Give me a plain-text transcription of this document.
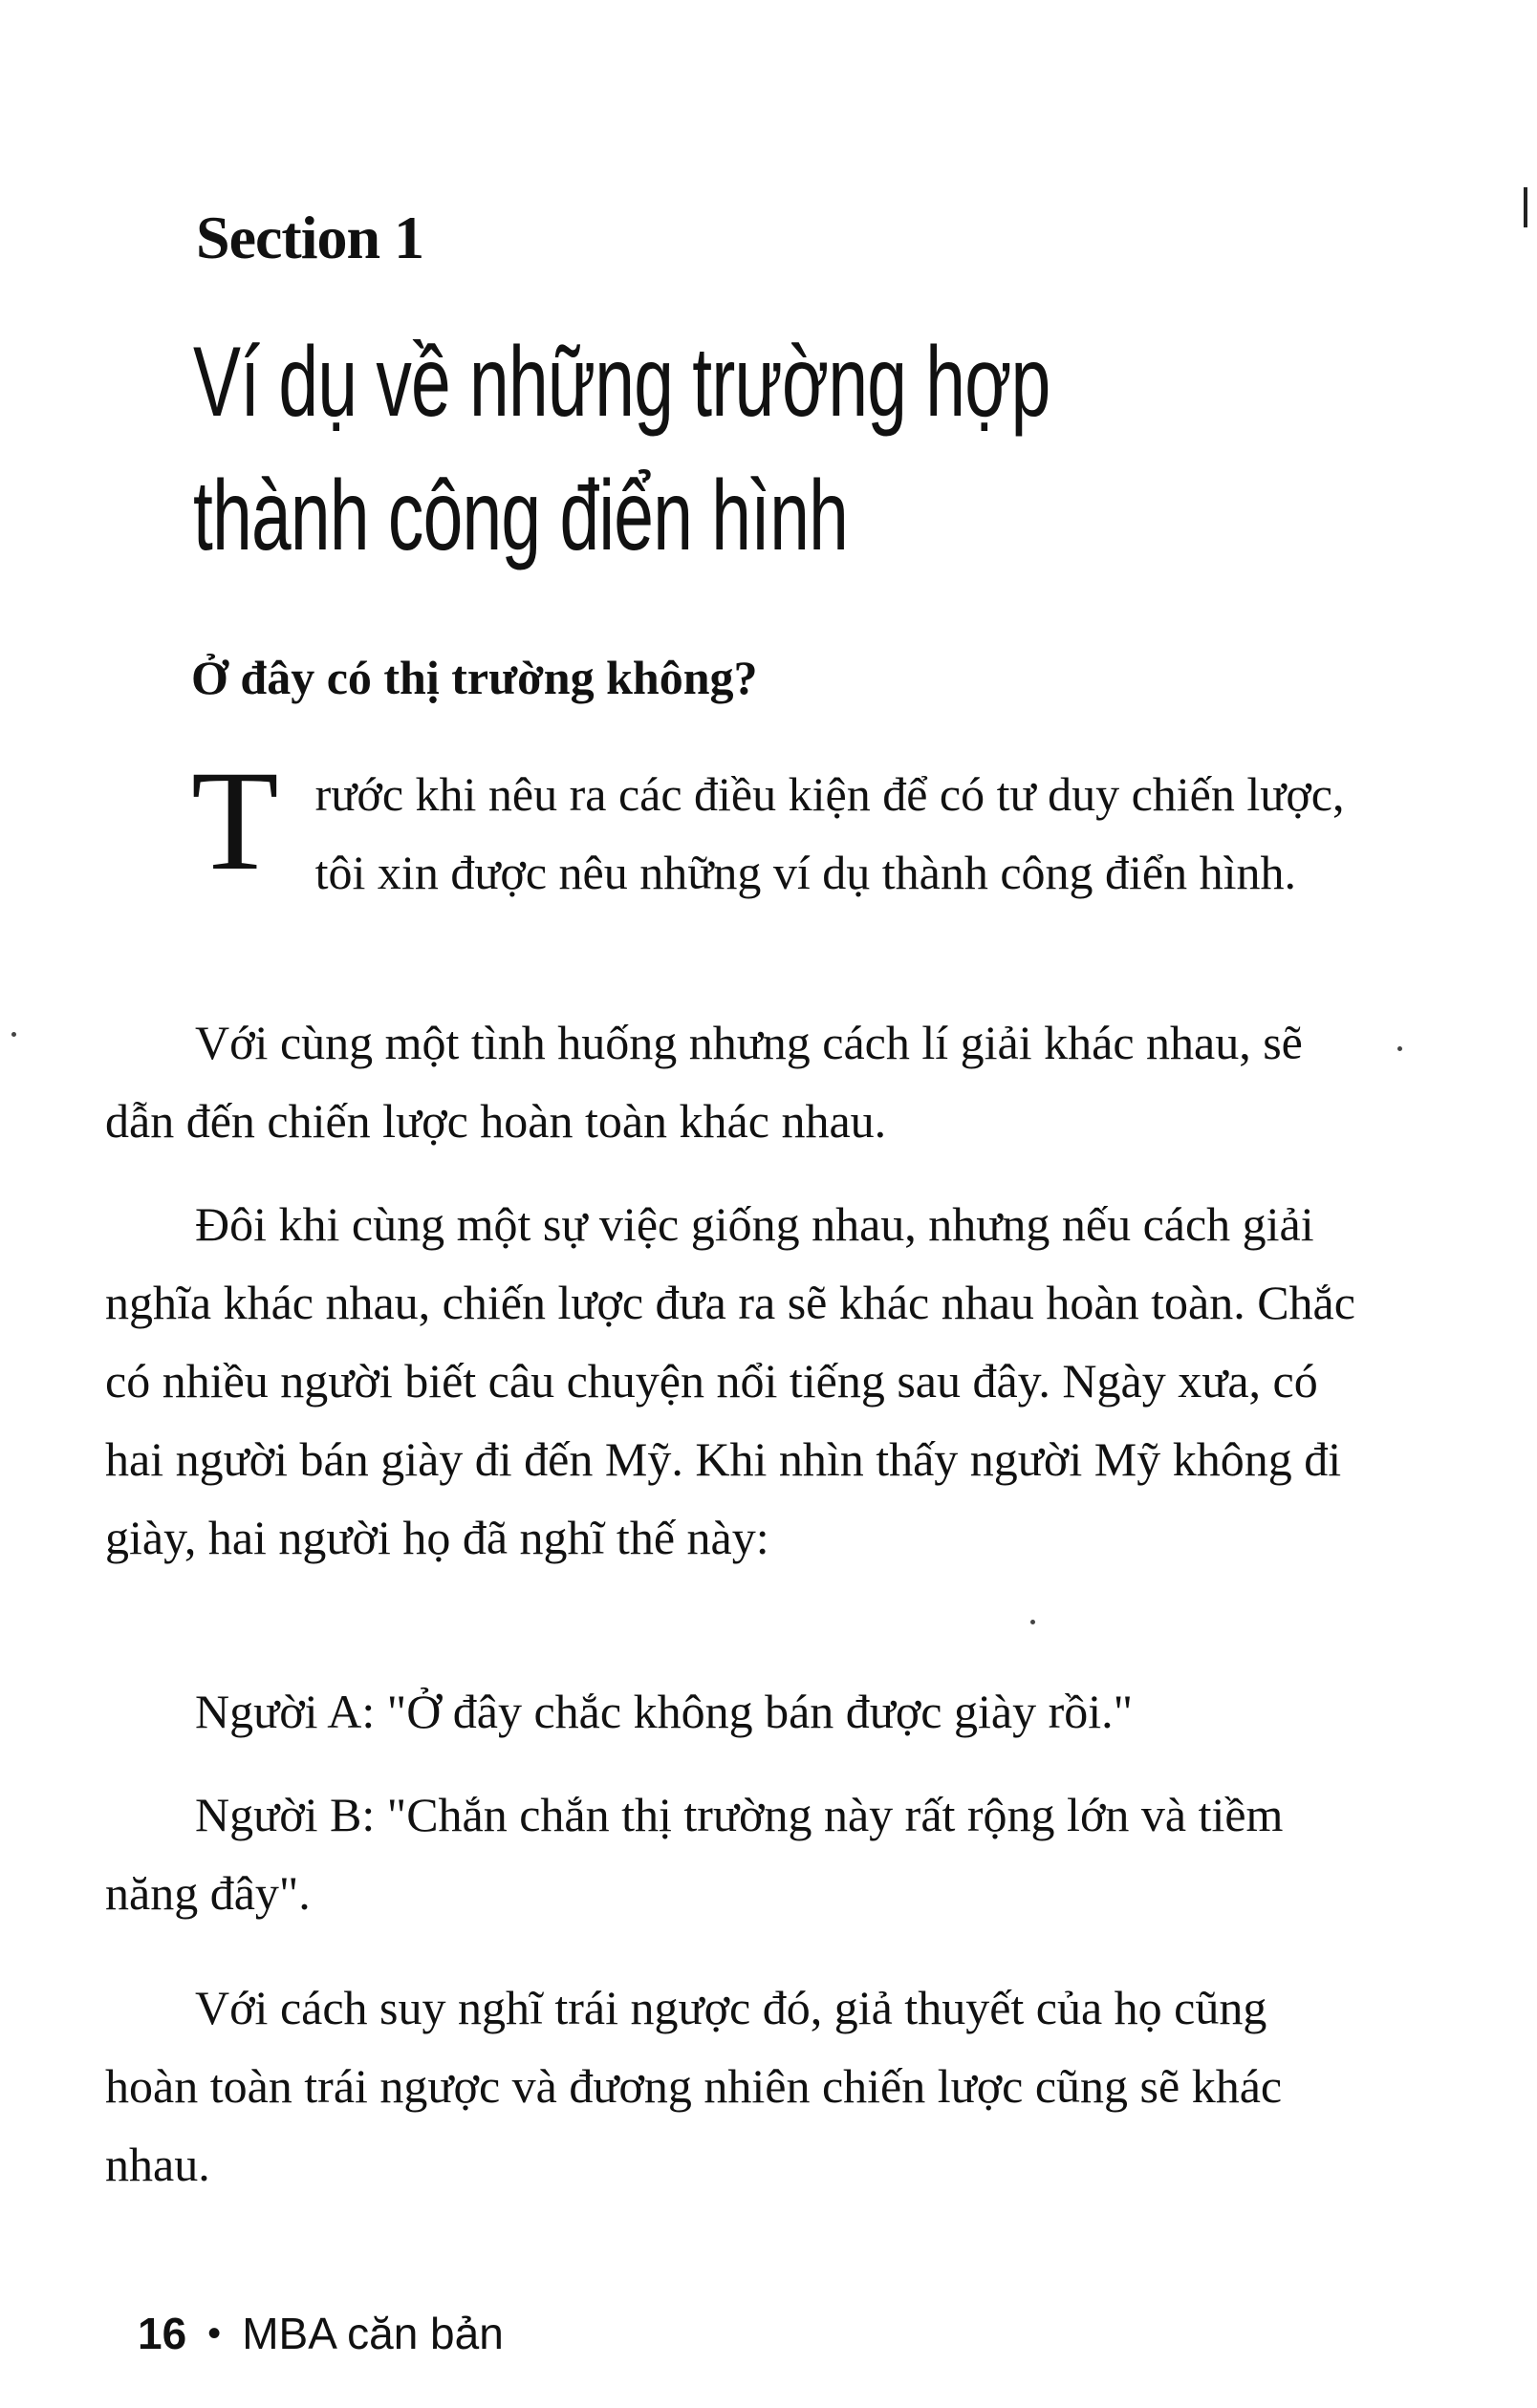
Section 1
Ví dụ về những trường hợp thành công điển hình
Ở đây có thị trường không?

Trước khi nêu ra các điều kiện để có tư duy chiến lược, tôi xin được nêu những ví dụ thành công điển hình.

Với cùng một tình huống nhưng cách lí giải khác nhau, sẽ dẫn đến chiến lược hoàn toàn khác nhau.

Đôi khi cùng một sự việc giống nhau, nhưng nếu cách giải nghĩa khác nhau, chiến lược đưa ra sẽ khác nhau hoàn toàn. Chắc có nhiều người biết câu chuyện nổi tiếng sau đây. Ngày xưa, có hai người bán giày đi đến Mỹ. Khi nhìn thấy người Mỹ không đi giày, hai người họ đã nghĩ thế này:

Người A: "Ở đây chắc không bán được giày rồi."

Người B: "Chắn chắn thị trường này rất rộng lớn và tiềm năng đây".

Với cách suy nghĩ trái ngược đó, giả thuyết của họ cũng hoàn toàn trái ngược và đương nhiên chiến lược cũng sẽ khác nhau.

16 • MBA căn bản
